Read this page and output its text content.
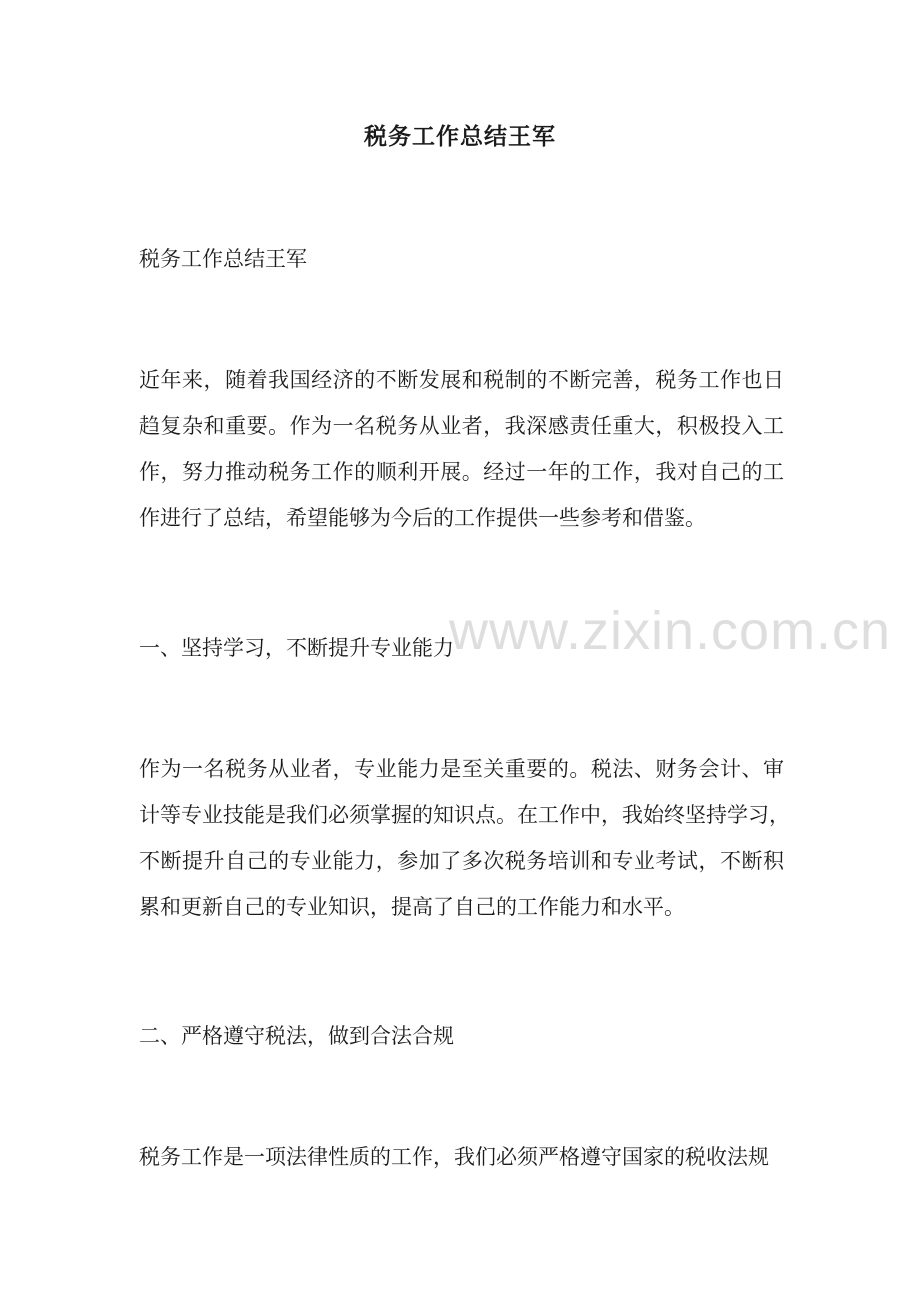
税务工作总结王军

税务工作总结王军

近年来，随着我国经济的不断发展和税制的不断完善，税务工作也日
趋复杂和重要。作为一名税务从业者，我深感责任重大，积极投入工
作，努力推动税务工作的顺利开展。经过一年的工作，我对自己的工
作进行了总结，希望能够为今后的工作提供一些参考和借鉴。

一、坚持学习，不断提升专业能力

作为一名税务从业者，专业能力是至关重要的。税法、财务会计、审
计等专业技能是我们必须掌握的知识点。在工作中，我始终坚持学习，
不断提升自己的专业能力，参加了多次税务培训和专业考试，不断积
累和更新自己的专业知识，提高了自己的工作能力和水平。

二、严格遵守税法，做到合法合规

税务工作是一项法律性质的工作，我们必须严格遵守国家的税收法规
www.zixin.com.cn
